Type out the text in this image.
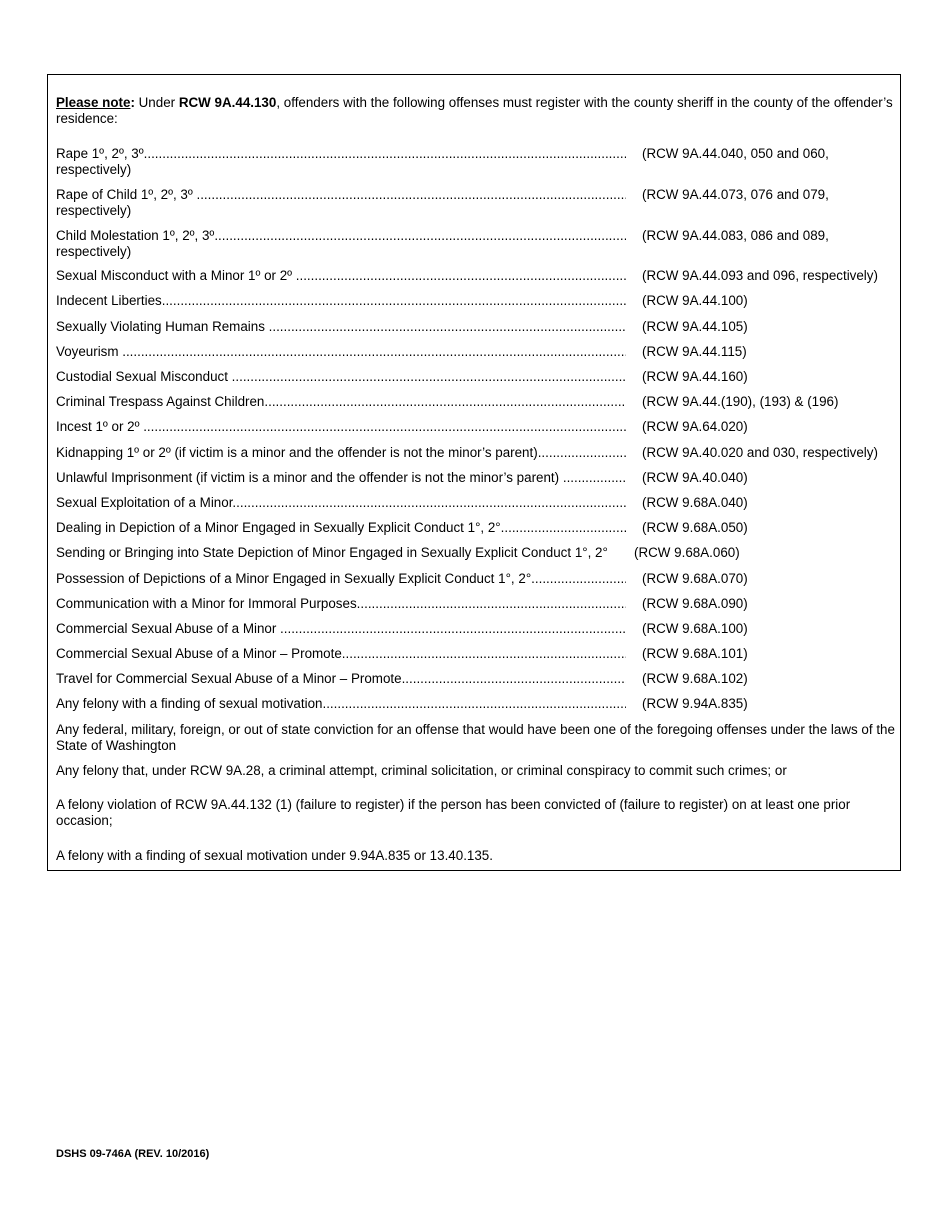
Please note: Under RCW 9A.44.130, offenders with the following offenses must register with the county sheriff in the county of the offender’s residence:
Rape 1º, 2º, 3º .....	(RCW 9A.44.040, 050 and 060,
respectively)
Rape of Child 1º, 2º, 3º .....	(RCW 9A.44.073, 076 and 079,
respectively)
Child Molestation 1º, 2º, 3º .....	(RCW 9A.44.083, 086 and 089,
respectively)
Sexual Misconduct with a Minor 1º or 2º .....	(RCW 9A.44.093 and 096, respectively)
Indecent Liberties .....	(RCW 9A.44.100)
Sexually Violating Human Remains .....	(RCW 9A.44.105)
Voyeurism .....	(RCW 9A.44.115)
Custodial Sexual Misconduct .....	(RCW 9A.44.160)
Criminal Trespass Against Children .....	(RCW 9A.44.(190), (193) & (196)
Incest 1º or 2º .....	(RCW 9A.64.020)
Kidnapping 1º or 2º (if victim is a minor and the offender is not the minor’s parent) .....	(RCW 9A.40.020 and 030, respectively)
Unlawful Imprisonment (if victim is a minor and the offender is not the minor’s parent) .....	(RCW 9A.40.040)
Sexual Exploitation of a Minor .....	(RCW 9.68A.040)
Dealing in Depiction of a Minor Engaged in Sexually Explicit Conduct 1°, 2° .....	(RCW 9.68A.050)
Sending or Bringing into State Depiction of Minor Engaged in Sexually Explicit Conduct 1°, 2° (RCW 9.68A.060)
Possession of Depictions of a Minor Engaged in Sexually Explicit Conduct 1°, 2° .....	(RCW 9.68A.070)
Communication with a Minor for Immoral Purposes .....	(RCW 9.68A.090)
Commercial Sexual Abuse of a Minor .....	(RCW 9.68A.100)
Commercial Sexual Abuse of a Minor – Promote .....	(RCW 9.68A.101)
Travel for Commercial Sexual Abuse of a Minor – Promote .....	(RCW 9.68A.102)
Any felony with a finding of sexual motivation .....	(RCW 9.94A.835)
Any federal, military, foreign, or out of state conviction for an offense that would have been one of the foregoing offenses under the laws of the State of Washington
Any felony that, under RCW 9A.28, a criminal attempt, criminal solicitation, or criminal conspiracy to commit such crimes; or
A felony violation of RCW 9A.44.132 (1) (failure to register) if the person has been convicted of (failure to register) on at least one prior occasion;
A felony with a finding of sexual motivation under 9.94A.835 or 13.40.135.
DSHS 09-746A (REV. 10/2016)
